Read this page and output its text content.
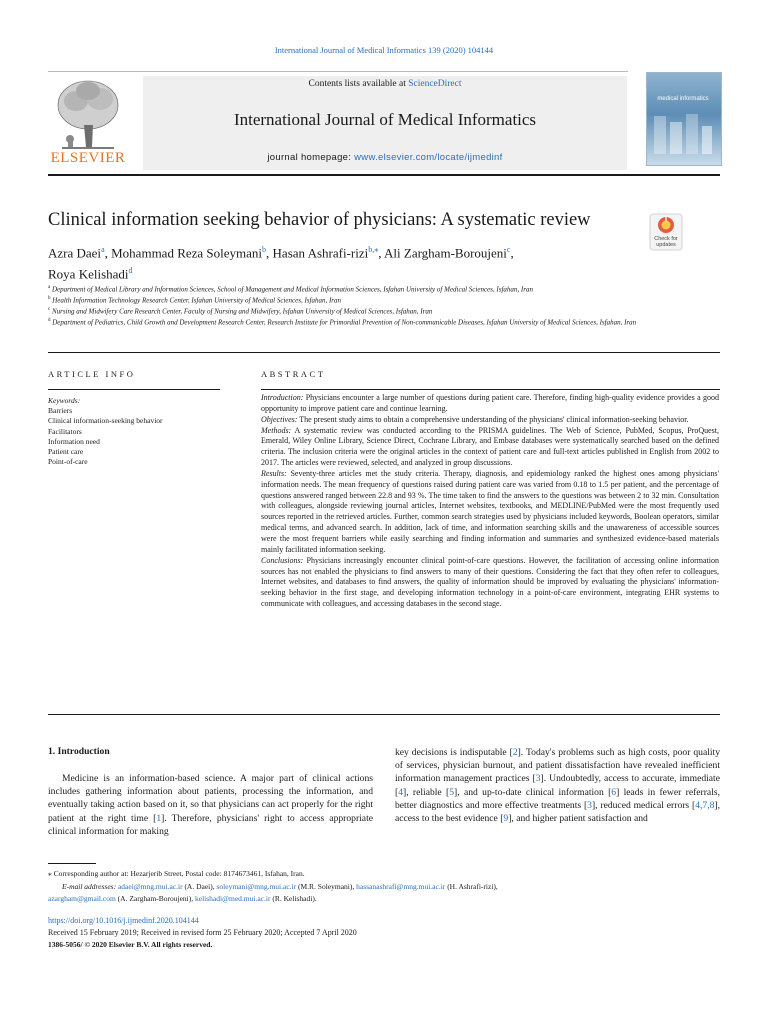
International Journal of Medical Informatics 139 (2020) 104144
ELSEVIER
Contents lists available at ScienceDirect
International Journal of Medical Informatics
journal homepage: www.elsevier.com/locate/ijmedinf
medical informatics
Clinical information seeking behavior of physicians: A systematic review
Azra Daei$^a$, Mohammad Reza Soleymani$^b$, Hasan Ashrafi-rizi$^{b,⁎}$, Ali Zargham-Boroujeni$^c$,
Roya Kelishadi$^d$
Check for updates
$^a$ Department of Medical Library and Information Sciences, School of Management and Medical Information Sciences, Isfahan University of Medical Sciences, Isfahan, Iran
$^b$ Health Information Technology Research Center, Isfahan University of Medical Sciences, Isfahan, Iran
$^c$ Nursing and Midwifery Care Research Center, Faculty of Nursing and Midwifery, Isfahan University of Medical Sciences, Isfahan, Iran
$^d$ Department of Pediatrics, Child Growth and Development Research Center, Research Institute for Primordial Prevention of Non-communicable Diseases, Isfahan University of Medical Sciences, Isfahan, Iran
ARTICLE INFO	ABSTRACT
Keywords:
Barriers
Clinical information-seeking behavior
Facilitators
Information need
Patient care
Point-of-care

Introduction: Physicians encounter a large number of questions during patient care. Therefore, finding high-quality evidence provides a good opportunity to improve patient care and continue learning.

Objectives: The present study aims to obtain a comprehensive understanding of the physicians' clinical information-seeking behavior.

Methods: A systematic review was conducted according to the PRISMA guidelines. The Web of Science, PubMed, Scopus, ProQuest, Emerald, Wiley Online Library, Science Direct, Cochrane Library, and Embase databases were systematically searched based on the defined criteria. The inclusion criteria were the original articles in the context of patient care and full-text articles published in English from 2002 to 2017. The articles were reviewed, selected, and analyzed in group discussions.

Results: Seventy-three articles met the study criteria. Therapy, diagnosis, and epidemiology ranked the highest ones among physicians' information needs. The mean frequency of questions raised during patient care was varied from 0.18 to 1.5 per patient, and the percentage of questions answered ranged between 22.8 and 93 %. The time taken to find the answers to the questions was between 2 to 32 min. Consultation with colleagues, alongside reviewing journal articles, Internet websites, textbooks, and MEDLINE/PubMed were the most frequently used sources reported in the retrieved articles. Further, common search strategies used by physicians included keywords, Boolean operators, similar medical terms, and advanced search. In addition, lack of time, and information searching skills and the unawareness of accessible sources were the most frequent barriers while easily searching and finding information and summaries and synthesized evidence-based materials mainly facilitated information seeking.

Conclusions: Physicians increasingly encounter clinical point-of-care questions. However, the facilitation of accessing online information sources has not enabled the physicians to find answers to many of their questions. Considering the fact that they often refer to colleagues, Internet websites, and databases to find answers, the quality of information should be improved by evaluating the physicians' information-seeking behavior in the first stage, and developing information technology in a point-of-care environment, integrating EHR systems to communicate with colleagues, and accessing databases in the second stage.

1. Introduction

Medicine is an information-based science. A major part of clinical actions includes gathering information about patients, processing the information, and eventually taking action based on it, so that physicians can act properly for the right patient at the right time [1]. Therefore, physicians' right to access appropriate clinical information for making

key decisions is indisputable [2]. Today's problems such as high costs, poor quality of services, physician burnout, and patient dissatisfaction have revealed inefficient information management practices [3]. Undoubtedly, access to accurate, immediate [4], reliable [5], and up-to-date clinical information [6] leads in fewer referrals, better diagnostics and more effective treatments [3], reduced medical errors [4,7,8], access to the best evidence [9], and higher patient satisfaction and

⁎ Corresponding author at: Hezarjerib Street, Postal code: 8174673461, Isfahan, Iran.
E-mail addresses: adaei@mng.mui.ac.ir (A. Daei), soleymani@mng.mui.ac.ir (M.R. Soleymani), hassanashrafi@mng.mui.ac.ir (H. Ashrafi-rizi),
azargham@gmail.com (A. Zargham-Boroujeni), kelishadi@med.mui.ac.ir (R. Kelishadi).
https://doi.org/10.1016/j.ijmedinf.2020.104144
Received 15 February 2019; Received in revised form 25 February 2020; Accepted 7 April 2020
1386-5056/ © 2020 Elsevier B.V. All rights reserved.
